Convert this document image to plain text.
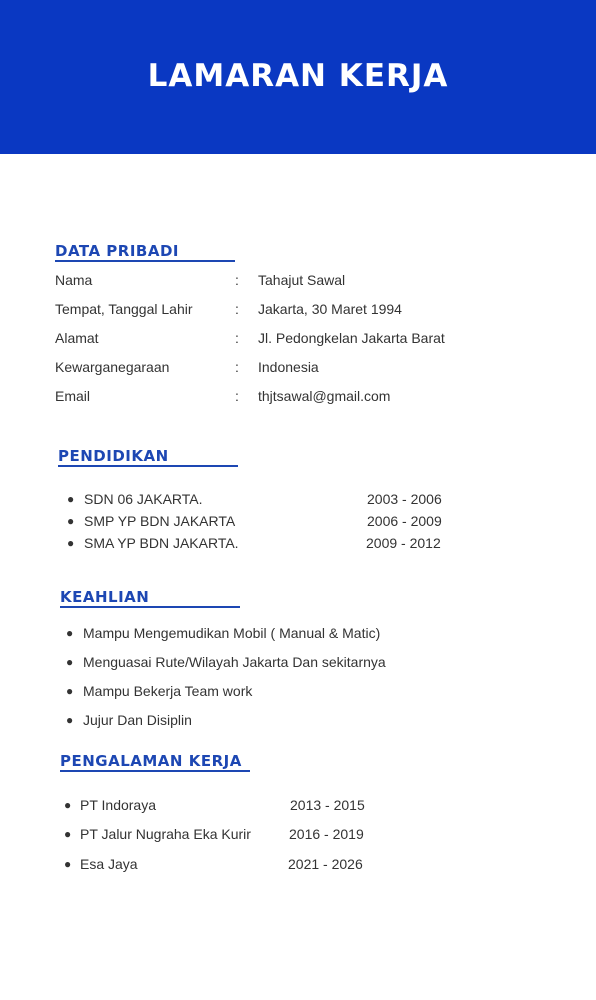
LAMARAN KERJA
DATA PRIBADI
Nama	: Tahajut Sawal
Tempat, Tanggal Lahir	: Jakarta, 30 Maret 1994
Alamat	: Jl. Pedongkelan Jakarta Barat
Kewarganegaraan	: Indonesia
Email	: thjtsawal@gmail.com
PENDIDIKAN
● SDN 06 JAKARTA.	2003 - 2006
● SMP YP BDN JAKARTA	2006 - 2009
● SMA YP BDN JAKARTA.	2009 - 2012
KEAHLIAN
● Mampu Mengemudikan Mobil ( Manual & Matic)
● Menguasai Rute/Wilayah Jakarta Dan sekitarnya
● Mampu Bekerja Team work
● Jujur Dan Disiplin
PENGALAMAN KERJA
● PT Indoraya	2013 - 2015
● PT Jalur Nugraha Eka Kurir	2016 - 2019
● Esa Jaya	2021 - 2026
